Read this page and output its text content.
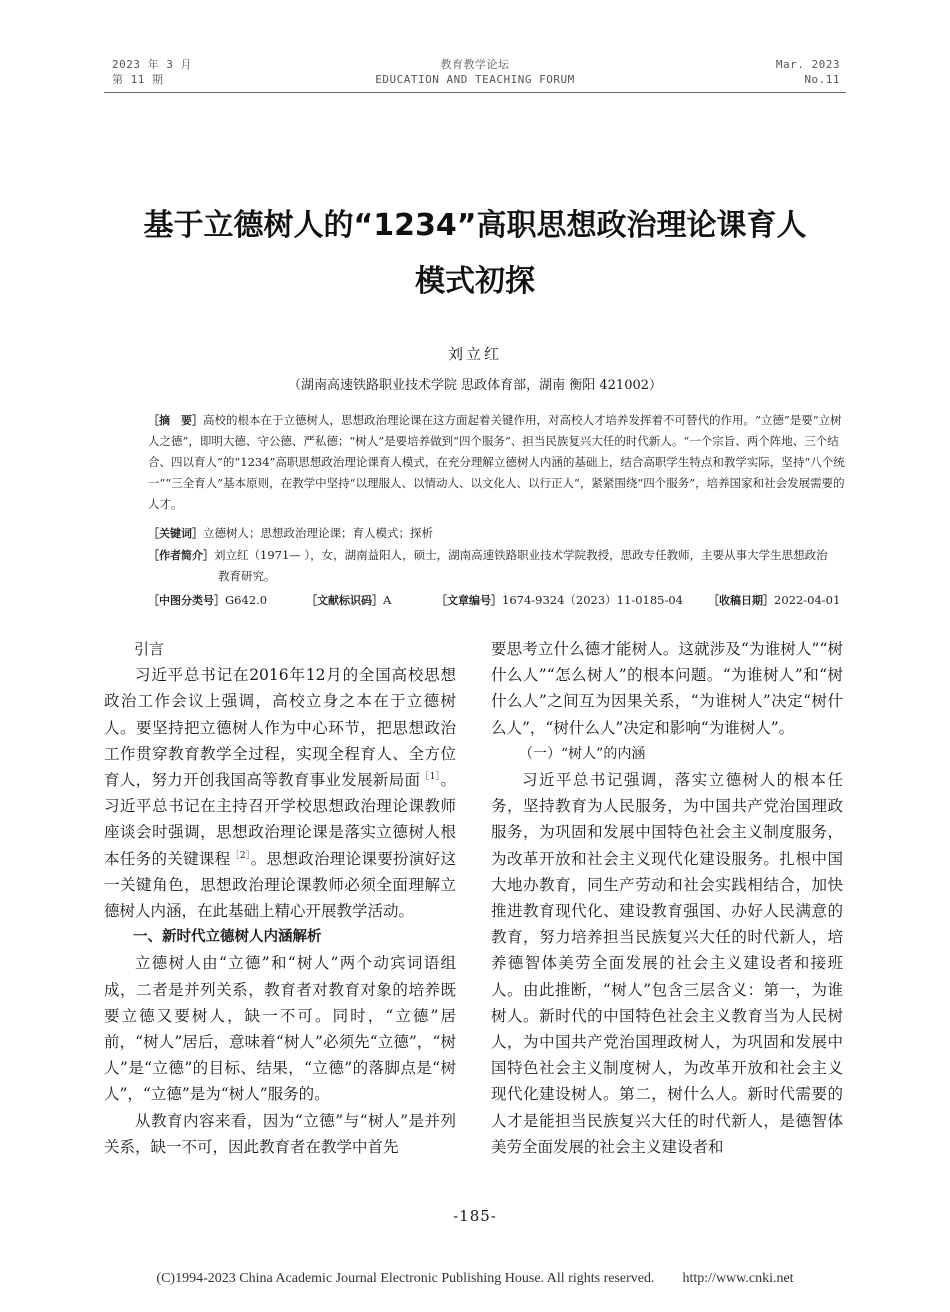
2023 年 3 月
第 11 期
教育教学论坛
EDUCATION AND TEACHING FORUM
Mar. 2023
No.11
基于立德树人的“1234”高职思想政治理论课育人
模式初探
刘立红
（湖南高速铁路职业技术学院 思政体育部，湖南 衡阳 421002）
［摘　要］高校的根本在于立德树人，思想政治理论课在这方面起着关键作用，对高校人才培养发挥着不可替代的作用。“立德”是要“立树人之德”，即明大德、守公德、严私德；“树人”是要培养做到“四个服务”、担当民族复兴大任的时代新人。“一个宗旨、两个阵地、三个结合、四以育人”的“1234”高职思想政治理论课育人模式，在充分理解立德树人内涵的基础上，结合高职学生特点和教学实际，坚持“八个统一”“三全育人”基本原则，在教学中坚持“以理服人、以情动人、以文化人、以行正人”，紧紧围绕“四个服务”，培养国家和社会发展需要的人才。
［关键词］立德树人；思想政治理论课；育人模式；探析
［作者简介］刘立红（1971— ），女，湖南益阳人，硕士，湖南高速铁路职业技术学院教授，思政专任教师，主要从事大学生思想政治
教育研究。
［中图分类号］G642.0	［文献标识码］A	［文章编号］1674-9324（2023）11-0185-04 ［收稿日期］2022-04-01

引言

习近平总书记在2016年12月的全国高校思想政治工作会议上强调，高校立身之本在于立德树人。要坚持把立德树人作为中心环节，把思想政治工作贯穿教育教学全过程，实现全程育人、全方位育人，努力开创我国高等教育事业发展新局面$^{[1]}$。习近平总书记在主持召开学校思想政治理论课教师座谈会时强调，思想政治理论课是落实立德树人根本任务的关键课程$^{[2]}$。思想政治理论课要扮演好这一关键角色，思想政治理论课教师必须全面理解立德树人内涵，在此基础上精心开展教学活动。

一、新时代立德树人内涵解析

立德树人由“立德”和“树人”两个动宾词语组成，二者是并列关系，教育者对教育对象的培养既要立德又要树人，缺一不可。同时，“立德”居前，“树人”居后，意味着“树人”必须先“立德”，“树人”是“立德”的目标、结果，“立德”的落脚点是“树人”，“立德”是为“树人”服务的。

从教育内容来看，因为“立德”与“树人”是并列关系，缺一不可，因此教育者在教学中首先

要思考立什么德才能树人。这就涉及“为谁树人”“树什么人”“怎么树人”的根本问题。“为谁树人”和“树什么人”之间互为因果关系，“为谁树人”决定“树什么人”，“树什么人”决定和影响“为谁树人”。

（一）“树人”的内涵

习近平总书记强调，落实立德树人的根本任务，坚持教育为人民服务，为中国共产党治国理政服务，为巩固和发展中国特色社会主义制度服务，为改革开放和社会主义现代化建设服务。扎根中国大地办教育，同生产劳动和社会实践相结合，加快推进教育现代化、建设教育强国、办好人民满意的教育，努力培养担当民族复兴大任的时代新人，培养德智体美劳全面发展的社会主义建设者和接班人。由此推断，“树人”包含三层含义：第一，为谁树人。新时代的中国特色社会主义教育当为人民树人，为中国共产党治国理政树人，为巩固和发展中国特色社会主义制度树人，为改革开放和社会主义现代化建设树人。第二，树什么人。新时代需要的人才是能担当民族复兴大任的时代新人，是德智体美劳全面发展的社会主义建设者和

-185-
(C)1994-2023 China Academic Journal Electronic Publishing House. All rights reserved.　　http://www.cnki.net
